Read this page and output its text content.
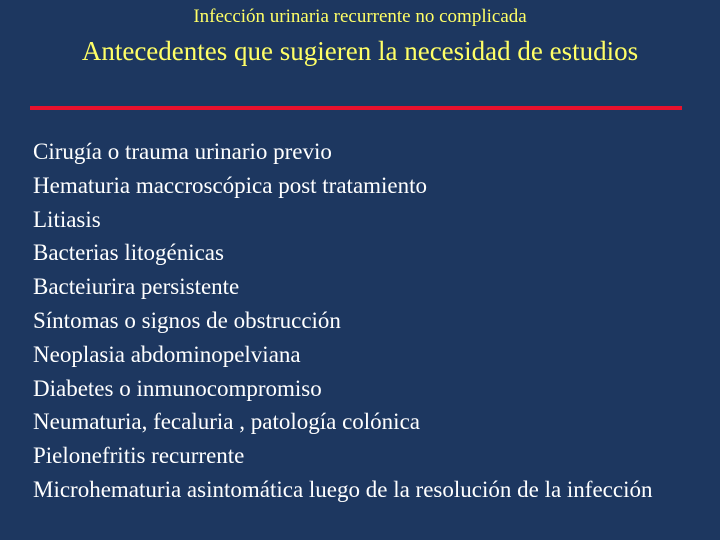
Infección urinaria recurrente no complicada
Antecedentes que sugieren la necesidad de estudios
Cirugía o trauma urinario previo
Hematuria maccroscópica post tratamiento
Litiasis
Bacterias litogénicas
Bacteiurira persistente
Síntomas o signos de obstrucción
Neoplasia abdominopelviana
Diabetes o inmunocompromiso
Neumaturia, fecaluria , patología colónica
Pielonefritis recurrente
Microhematuria asintomática luego de la resolución de la infección
